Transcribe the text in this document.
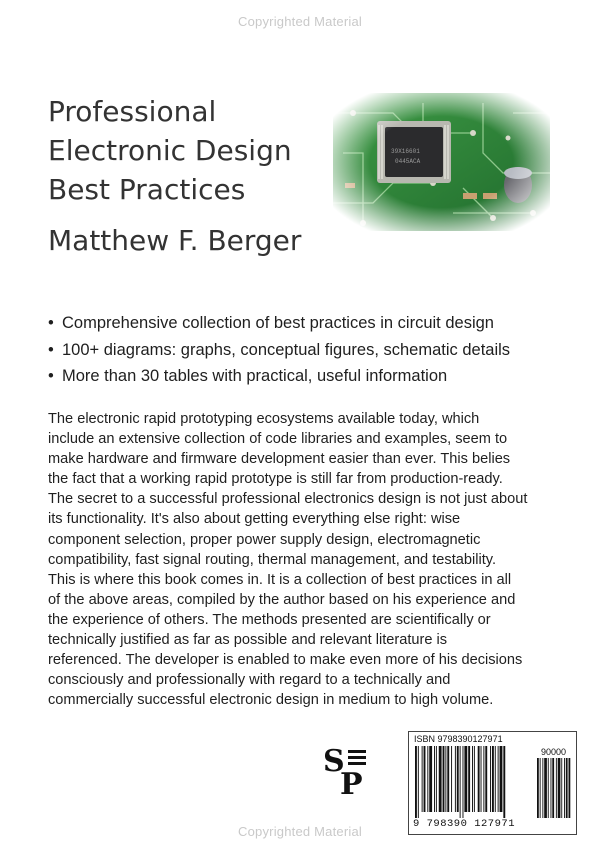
Copyrighted Material
Professional
Electronic Design
Best Practices
Matthew F. Berger
• Comprehensive collection of best practices in circuit design
• 100+ diagrams: graphs, conceptual figures, schematic details
• More than 30 tables with practical, useful information
The electronic rapid prototyping ecosystems available today, which
include an extensive collection of code libraries and examples, seem to
make hardware and firmware development easier than ever. This belies
the fact that a working rapid prototype is still far from production-ready.
The secret to a successful professional electronics design is not just about
its functionality. It's also about getting everything else right: wise
component selection, proper power supply design, electromagnetic
compatibility, fast signal routing, thermal management, and testability.
This is where this book comes in. It is a collection of best practices in all
of the above areas, compiled by the author based on his experience and
the experience of others. The methods presented are scientifically or
technically justified as far as possible and relevant literature is
referenced. The developer is enabled to make even more of his decisions
consciously and professionally with regard to a technically and
commercially successful electronic design in medium to high volume.
S
P
ISBN 9798390127971
90000
9 798390 127971
Copyrighted Material
